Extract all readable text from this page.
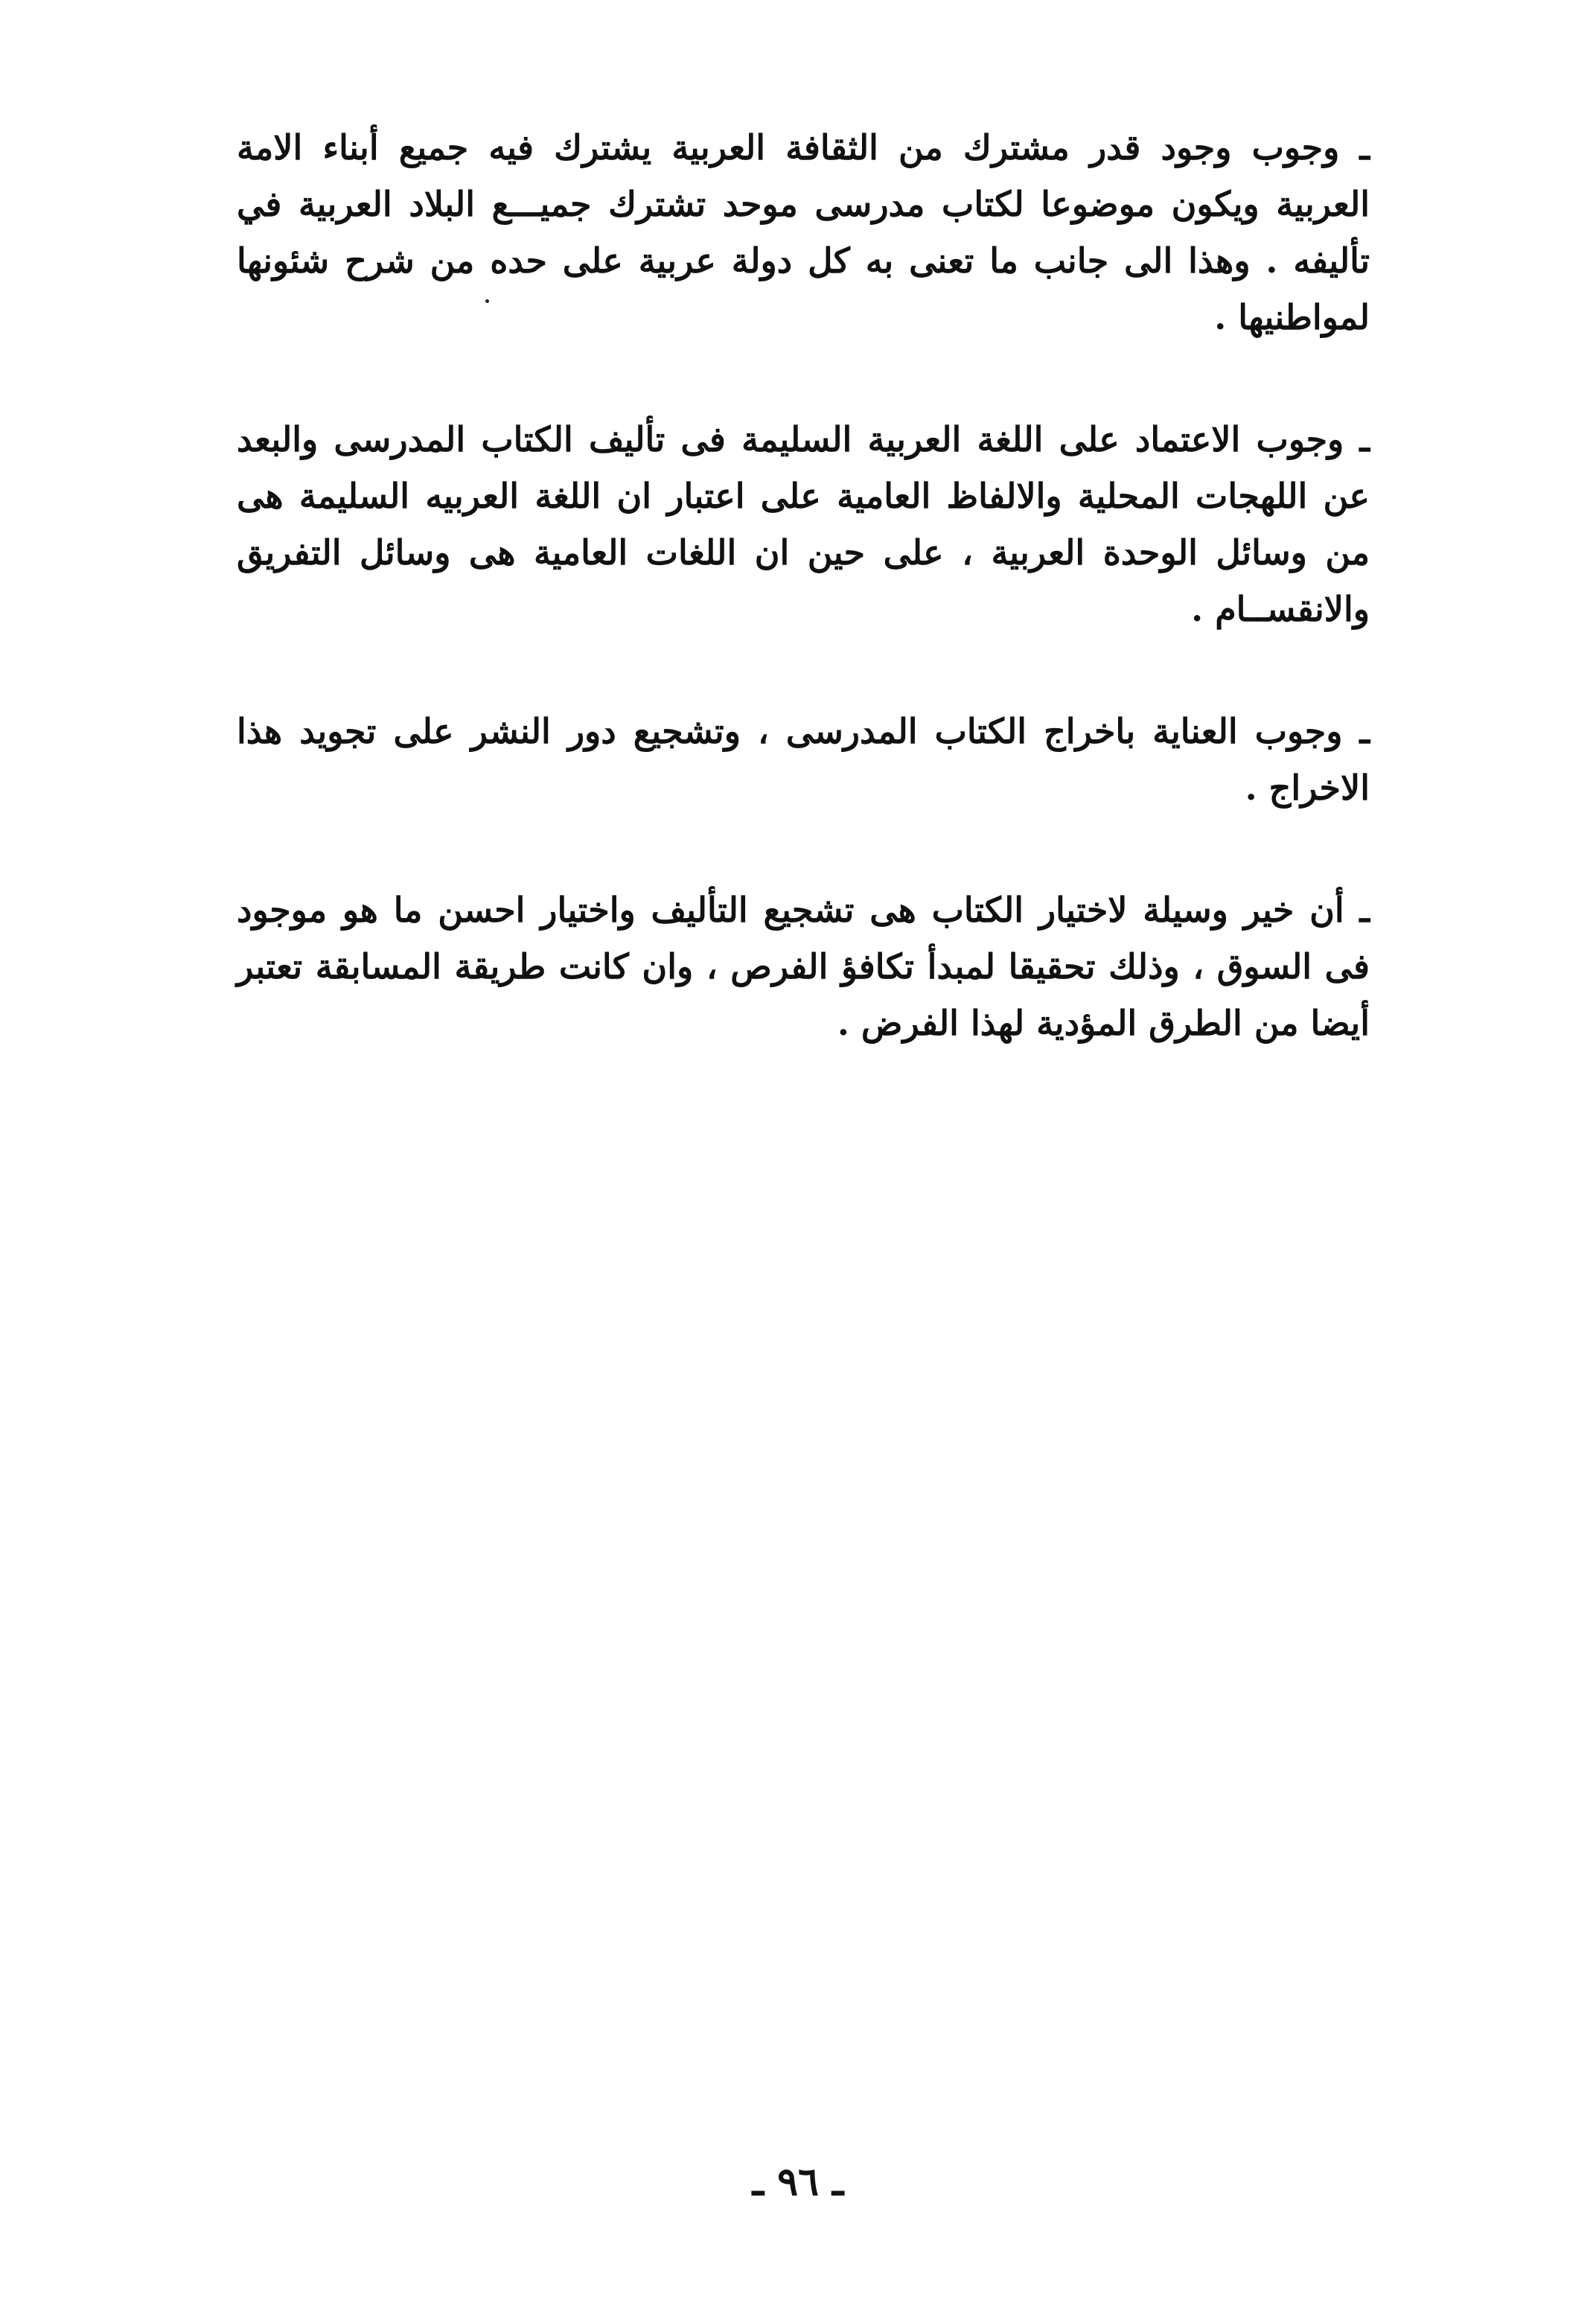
ـ وجوب وجود قدر مشترك من الثقافة العربية يشترك فيه جميع أبناء الامة العربية ويكون موضوعا لكتاب مدرسى موحد تشترك جميـــع البلاد العربية في تأليفه . وهذا الى جانب ما تعنى به كل دولة عربية على حده من شرح شئونها لمواطنيها .

ـ وجوب الاعتماد على اللغة العربية السليمة فى تأليف الكتاب المدرسى والبعد عن اللهجات المحلية والالفاظ العامية على اعتبار ان اللغة العربيه السليمة هى من وسائل الوحدة العربية ، على حين ان اللغات العامية هى وسائل التفريق والانقســام .

ـ وجوب العناية باخراج الكتاب المدرسى ، وتشجيع دور النشر على تجويد هذا الاخراج .

ـ أن خير وسيلة لاختيار الكتاب هى تشجيع التأليف واختيار احسن ما هو موجود فى السوق ، وذلك تحقيقا لمبدأ تكافؤ الفرص ، وان كانت طريقة المسابقة تعتبر أيضا من الطرق المؤدية لهذا الفرض .

ـ ٩٦ ـ
